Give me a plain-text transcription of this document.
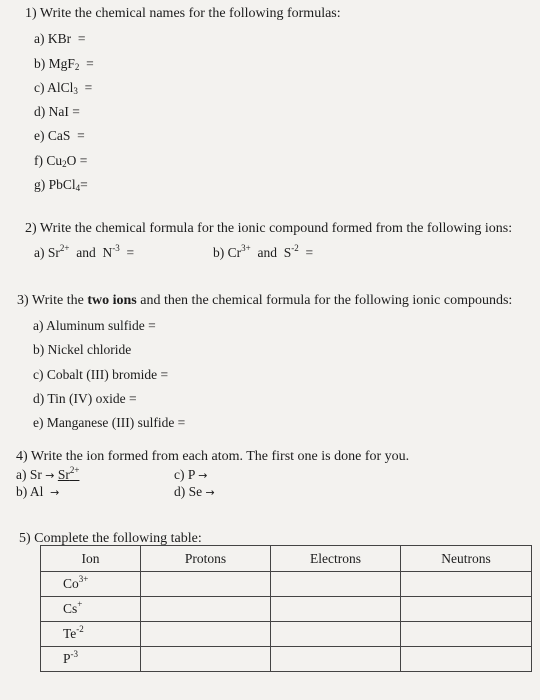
1) Write the chemical names for the following formulas:
a) KBr =
b) MgF$_2$ =
c) AlCl$_3$ =
d) NaI =
e) CaS =
f) $Cu_2O$ =
g) PbCl$_4$=
2) Write the chemical formula for the ionic compound formed from the following ions:
a) $Sr^{2+}$ and $N^{-3}$ =	b) $Cr^{3+}$ and $S^{-2}$ =
3) Write the two ions and then the chemical formula for the following ionic compounds:
a) Aluminum sulfide =
b) Nickel chloride
c) Cobalt (III) bromide =
d) Tin (IV) oxide =
e) Manganese (III) sulfide =
4) Write the ion formed from each atom. The first one is done for you.
a) $Sr \to Sr^{2+}$
b) Al →
c) P →
d) Se →
5) Complete the following table:
Ion	Protons	Electrons	Neutrons
$Co^{3+}$			
Cs+			
$Te^{-2}$			
$P^{-3}$			
